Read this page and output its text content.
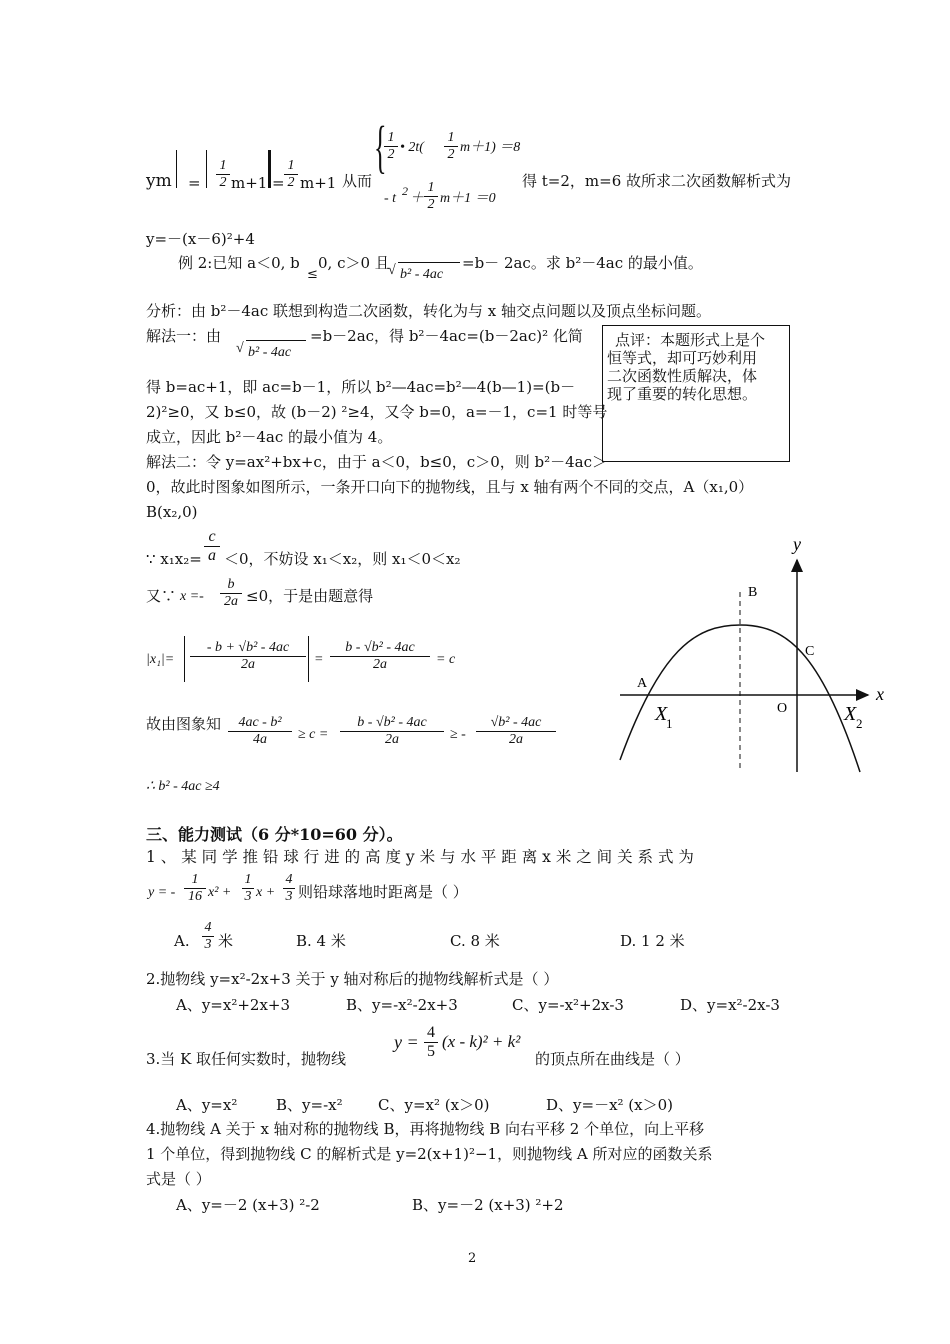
ym = $\frac{1}{2} m+1 = \frac{1}{2} m+1$ 从而
{
$\frac{1}{2}$ • $2t( \frac{1}{2} m+1) =8$
- t $2 + \frac{1}{2} m+1 =0$
得 t=2，m=6 故所求二次函数解析式为
y=－(x－6)²+4
例 2:已知 a＜0, b
≤
0, c＞0 且
√ b² - 4ac
=b－ 2ac。求 b²－4ac 的最小值。
分析：由 b²－4ac 联想到构造二次函数，转化为与 x 轴交点问题以及顶点坐标问题。
解法一：由
√ b² - 4ac
=b－2ac，得 b²－4ac=(b－2ac)² 化简
得 b=ac+1，即 ac=b－1，所以 b²—4ac=b²—4(b—1)=(b－
2)²≥0，又 b≤0，故 (b－2) ²≥4，又令 b=0，a=－1，c=1 时等号
成立，因此 b²－4ac 的最小值为 4。
点评：本题形式上是个
恒等式，却可巧妙利用
二次函数性质解决，体
现了重要的转化思想。
解法二：令 y=ax²+bx+c，由于 a＜0，b≤0，c＞0，则 b²－4ac＞
0，故此时图象如图所示，一条开口向下的抛物线，且与 x 轴有两个不同的交点，A（x₁,0）
B(x₂,0)
∵ $x_1x_2= \frac{c}{a} <0$，不妨设 x₁＜x₂，则 x₁＜0＜x₂
又∵ $x =- \frac{b}{2a} \le 0$，于是由题意得
$|x_1|= \frac{\text{- b + √b² - 4ac}}{2a} = \frac{\text{b - √b² - 4ac}}{2a} = c$
故由图象知 $\frac{\text{4ac - b²}}{4a} \ge c = \frac{\text{b - √b² - 4ac}}{2a}$ ≥ - $\frac{\text{√b² - 4ac}}{2a}$
∴ b² - 4ac ≥4
y
x
B
C
A
O
X
1	X 2
三、能力测试（6 分*10=60 分）。
1 、 某 同 学 推 铅 球 行 进 的 高 度 y 米 与 水 平 距 离 x 米 之 间 关 系 式 为
y = - $\frac{1}{16} x^2 + \frac{1}{3}$ $x + \frac{4}{3}$ 则铅球落地时距离是（ ）
A. $\frac{4}{3}$ 米	B. 4 米	C. 8 米	D. 1 2 米
2.抛物线 y=x²-2x+3 关于 y 轴对称后的抛物线解析式是（ ）
A、y=x²+2x+3	B、y=-x²-2x+3	C、y=-x²+2x-3	D、y=x²-2x-3
3.当 K 取任何实数时，抛物线
$y = \frac{4}{5} (x - k)^2 + k^2$
的顶点所在曲线是（ ）
A、y=x²	B、y=-x² C、y=x² (x＞0)	D、y=－x² (x＞0)
4.抛物线 A 关于 x 轴对称的抛物线 B，再将抛物线 B 向右平移 2 个单位，向上平移
1 个单位，得到抛物线 C 的解析式是 y=2(x+1)²−1，则抛物线 A 所对应的函数关系
式是（ ）
A、y=－2 (x+3) ²-2	B、y=－2 (x+3) ²+2
2
